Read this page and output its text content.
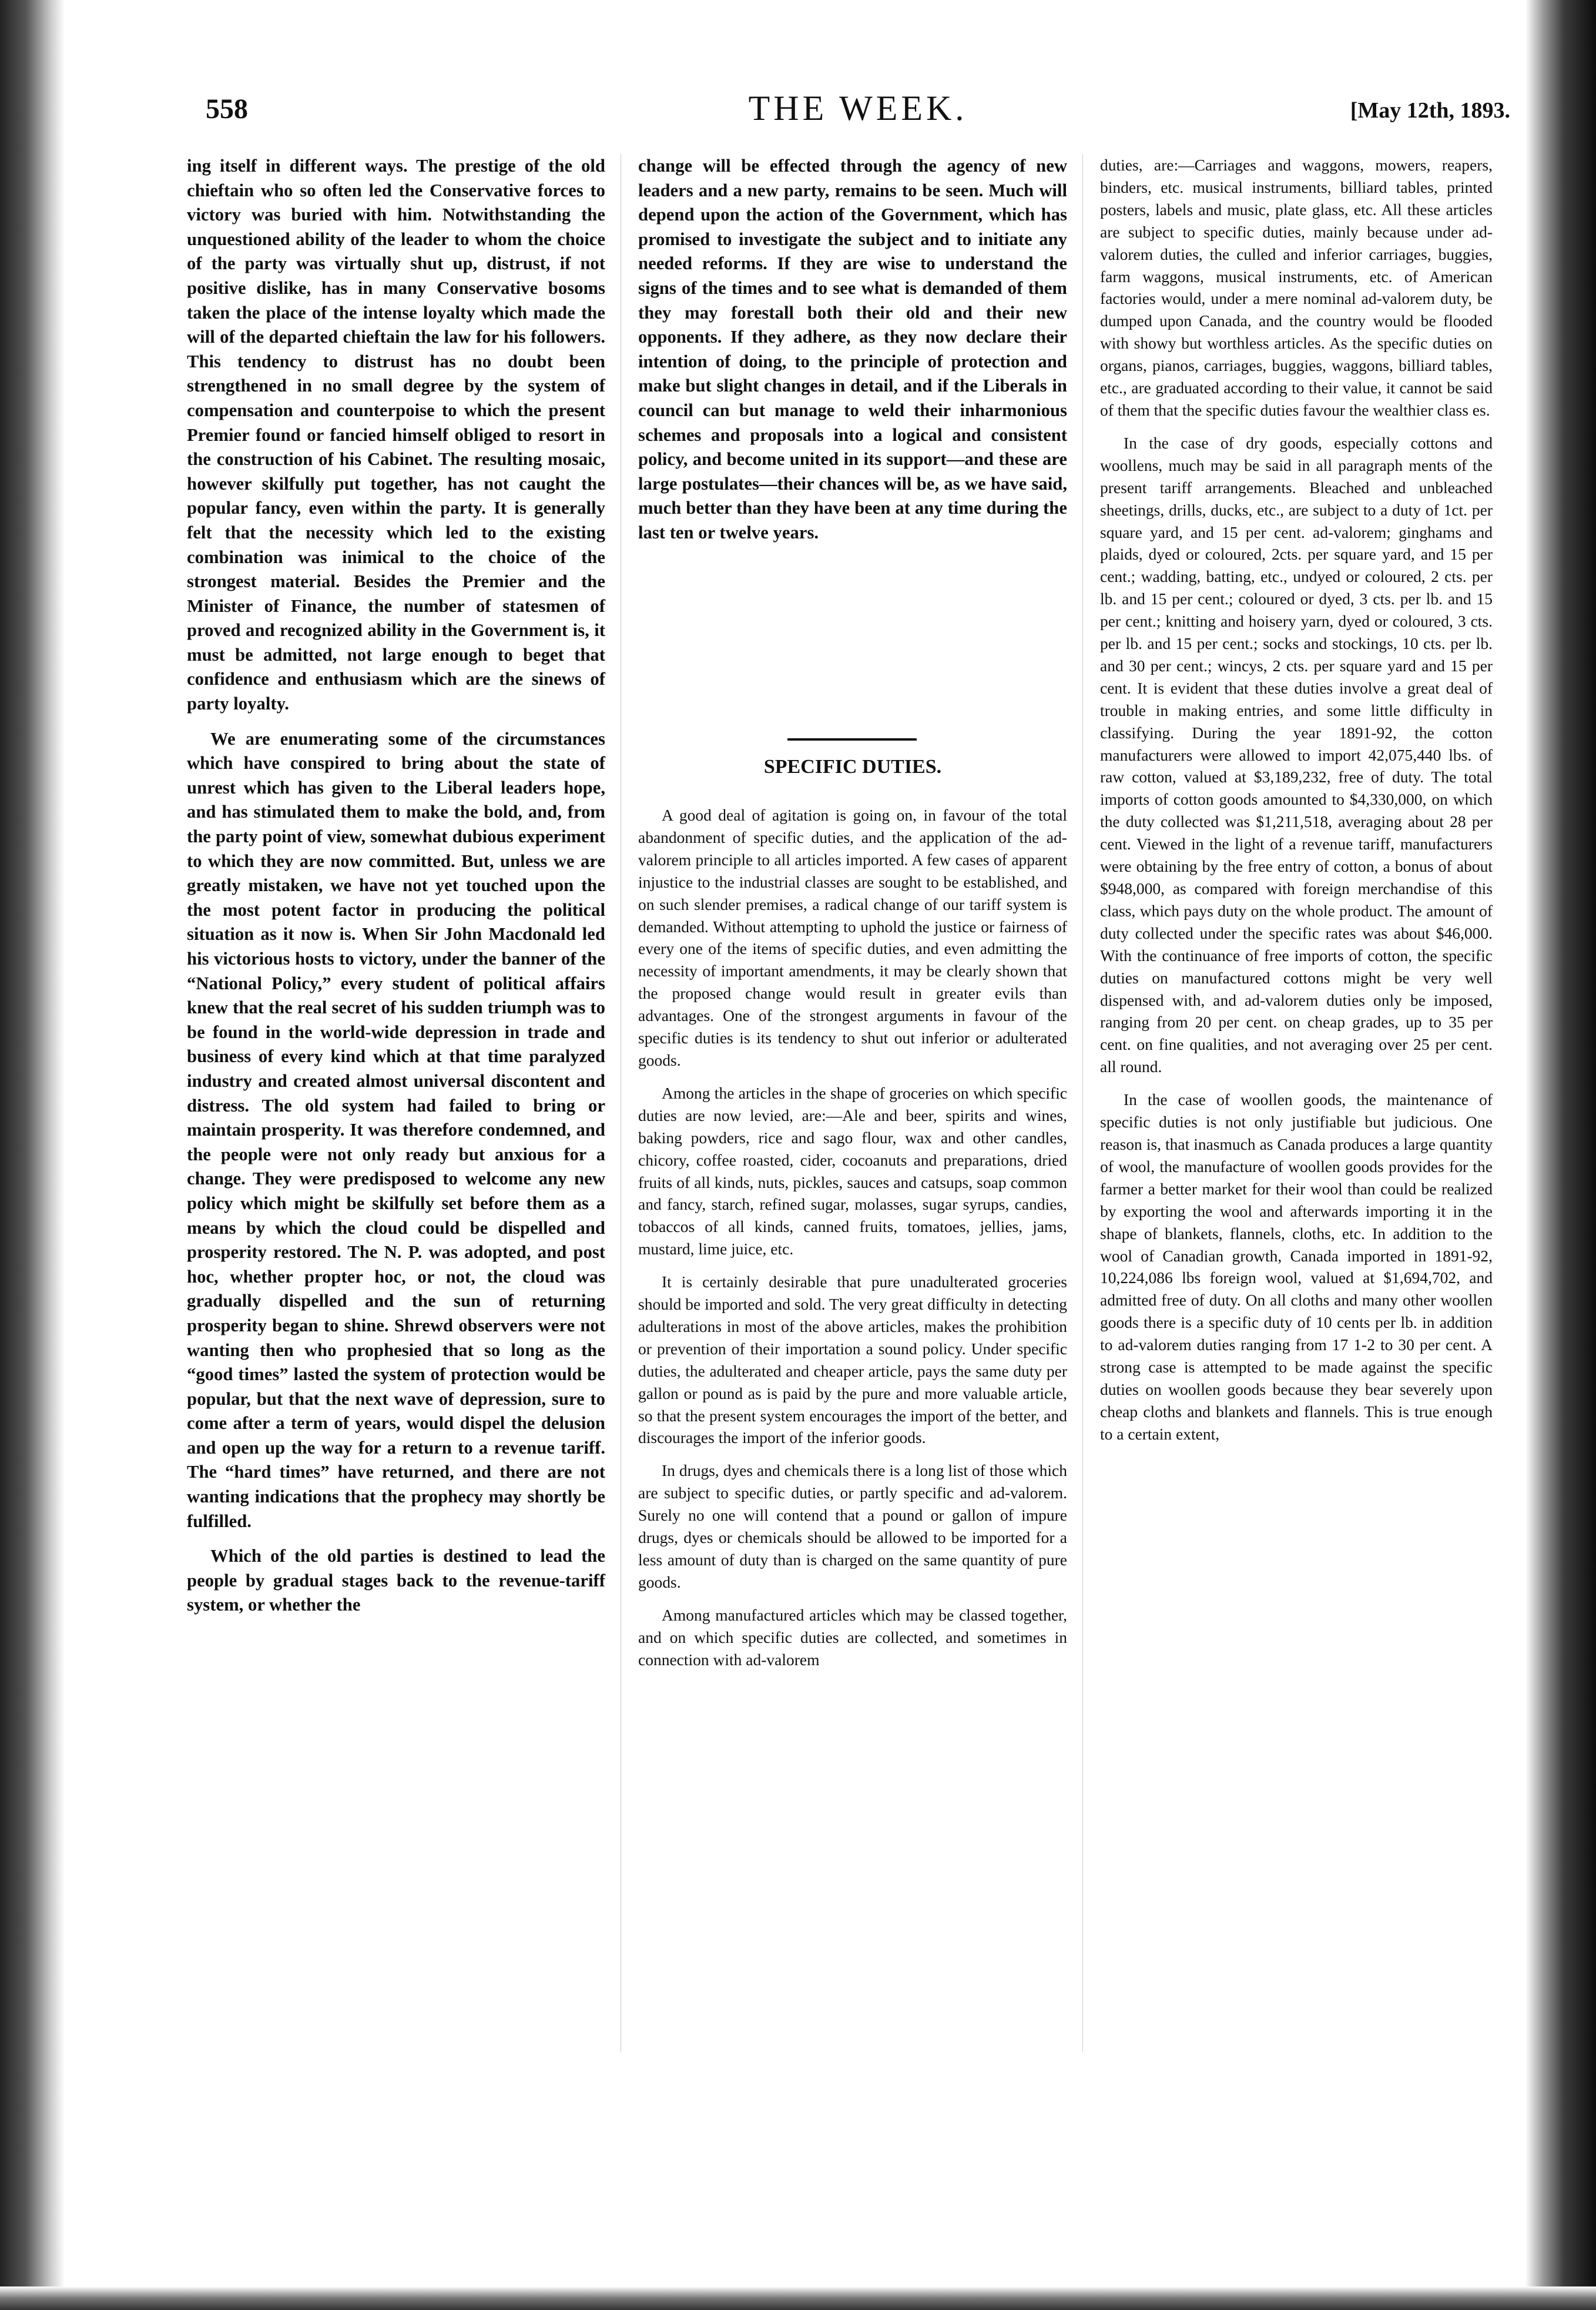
558	THE WEEK.	[May 12th, 1893.

ing itself in different ways. The prestige of the old chieftain who so often led the Conservative forces to victory was buried with him. Notwithstanding the unquestioned ability of the leader to whom the choice of the party was virtually shut up, distrust, if not positive dislike, has in many Conservative bosoms taken the place of the intense loyalty which made the will of the departed chieftain the law for his followers. This tendency to distrust has no doubt been strengthened in no small degree by the system of compensation and counterpoise to which the present Premier found or fancied himself obliged to resort in the construction of his Cabinet. The resulting mosaic, however skilfully put together, has not caught the popular fancy, even within the party. It is generally felt that the necessity which led to the existing combination was inimical to the choice of the strongest material. Besides the Premier and the Minister of Finance, the number of statesmen of proved and recognized ability in the Government is, it must be admitted, not large enough to beget that confidence and enthusiasm which are the sinews of party loyalty.

We are enumerating some of the circumstances which have conspired to bring about the state of unrest which has given to the Liberal leaders hope, and has stimulated them to make the bold, and, from the party point of view, somewhat dubious experiment to which they are now committed. But, unless we are greatly mistaken, we have not yet touched upon the the most potent factor in producing the political situation as it now is. When Sir John Macdonald led his victorious hosts to victory, under the banner of the “National Policy,” every student of political affairs knew that the real secret of his sudden triumph was to be found in the world-wide depression in trade and business of every kind which at that time paralyzed industry and created almost universal discontent and distress. The old system had failed to bring or maintain prosperity. It was therefore condemned, and the people were not only ready but anxious for a change. They were predisposed to welcome any new policy which might be skilfully set before them as a means by which the cloud could be dispelled and prosperity restored. The N. P. was adopted, and post hoc, whether propter hoc, or not, the cloud was gradually dispelled and the sun of returning prosperity began to shine. Shrewd observers were not wanting then who prophesied that so long as the “good times” lasted the system of protection would be popular, but that the next wave of depression, sure to come after a term of years, would dispel the delusion and open up the way for a return to a revenue tariff. The “hard times” have returned, and there are not wanting indications that the prophecy may shortly be fulfilled.

Which of the old parties is destined to lead the people by gradual stages back to the revenue-tariff system, or whether the

change will be effected through the agency of new leaders and a new party, remains to be seen. Much will depend upon the action of the Government, which has promised to investigate the subject and to initiate any needed reforms. If they are wise to understand the signs of the times and to see what is demanded of them they may forestall both their old and their new opponents. If they adhere, as they now declare their intention of doing, to the principle of protection and make but slight changes in detail, and if the Liberals in council can but manage to weld their inharmonious schemes and proposals into a logical and consistent policy, and become united in its support—and these are large postulates—their chances will be, as we have said, much better than they have been at any time during the last ten or twelve years.

SPECIFIC DUTIES.

A good deal of agitation is going on, in favour of the total abandonment of specific duties, and the application of the ad-valorem principle to all articles imported. A few cases of apparent injustice to the industrial classes are sought to be established, and on such slender premises, a radical change of our tariff system is demanded. Without attempting to uphold the justice or fairness of every one of the items of specific duties, and even admitting the necessity of important amendments, it may be clearly shown that the proposed change would result in greater evils than advantages. One of the strongest arguments in favour of the specific duties is its tendency to shut out inferior or adulterated goods.

Among the articles in the shape of groceries on which specific duties are now levied, are:—Ale and beer, spirits and wines, baking powders, rice and sago flour, wax and other candles, chicory, coffee roasted, cider, cocoanuts and preparations, dried fruits of all kinds, nuts, pickles, sauces and catsups, soap common and fancy, starch, refined sugar, molasses, sugar syrups, candies, tobaccos of all kinds, canned fruits, tomatoes, jellies, jams, mustard, lime juice, etc.

It is certainly desirable that pure unadulterated groceries should be imported and sold. The very great difficulty in detecting adulterations in most of the above articles, makes the prohibition or prevention of their importation a sound policy. Under specific duties, the adulterated and cheaper article, pays the same duty per gallon or pound as is paid by the pure and more valuable article, so that the present system encourages the import of the better, and discourages the import of the inferior goods.

In drugs, dyes and chemicals there is a long list of those which are subject to specific duties, or partly specific and ad-valorem. Surely no one will contend that a pound or gallon of impure drugs, dyes or chemicals should be allowed to be imported for a less amount of duty than is charged on the same quantity of pure goods.

Among manufactured articles which may be classed together, and on which specific duties are collected, and sometimes in connection with ad-valorem

duties, are:—Carriages and waggons, mowers, reapers, binders, etc. musical instruments, billiard tables, printed posters, labels and music, plate glass, etc. All these articles are subject to specific duties, mainly because under ad-valorem duties, the culled and inferior carriages, buggies, farm waggons, musical instruments, etc. of American factories would, under a mere nominal ad-valorem duty, be dumped upon Canada, and the country would be flooded with showy but worthless articles. As the specific duties on organs, pianos, carriages, buggies, waggons, billiard tables, etc., are graduated according to their value, it cannot be said of them that the specific duties favour the wealthier class es.

In the case of dry goods, especially cottons and woollens, much may be said in all paragraph ments of the present tariff arrangements. Bleached and unbleached sheetings, drills, ducks, etc., are subject to a duty of 1ct. per square yard, and 15 per cent. ad-valorem; ginghams and plaids, dyed or coloured, 2cts. per square yard, and 15 per cent.; wadding, batting, etc., undyed or coloured, 2 cts. per lb. and 15 per cent.; coloured or dyed, 3 cts. per lb. and 15 per cent.; knitting and hoisery yarn, dyed or coloured, 3 cts. per lb. and 15 per cent.; socks and stockings, 10 cts. per lb. and 30 per cent.; wincys, 2 cts. per square yard and 15 per cent. It is evident that these duties involve a great deal of trouble in making entries, and some little difficulty in classifying. During the year 1891-92, the cotton manufacturers were allowed to import 42,075,440 lbs. of raw cotton, valued at $3,189,232, free of duty. The total imports of cotton goods amounted to $4,330,000, on which the duty collected was $1,211,518, averaging about 28 per cent. Viewed in the light of a revenue tariff, manufacturers were obtaining by the free entry of cotton, a bonus of about $948,000, as compared with foreign merchandise of this class, which pays duty on the whole product. The amount of duty collected under the specific rates was about $46,000. With the continuance of free imports of cotton, the specific duties on manufactured cottons might be very well dispensed with, and ad-valorem duties only be imposed, ranging from 20 per cent. on cheap grades, up to 35 per cent. on fine qualities, and not averaging over 25 per cent. all round.

In the case of woollen goods, the maintenance of specific duties is not only justifiable but judicious. One reason is, that inasmuch as Canada produces a large quantity of wool, the manufacture of woollen goods provides for the farmer a better market for their wool than could be realized by exporting the wool and afterwards importing it in the shape of blankets, flannels, cloths, etc. In addition to the wool of Canadian growth, Canada imported in 1891-92, 10,224,086 lbs foreign wool, valued at $1,694,702, and admitted free of duty. On all cloths and many other woollen goods there is a specific duty of 10 cents per lb. in addition to ad-valorem duties ranging from 17 1-2 to 30 per cent. A strong case is attempted to be made against the specific duties on woollen goods because they bear severely upon cheap cloths and blankets and flannels. This is true enough to a certain extent,
